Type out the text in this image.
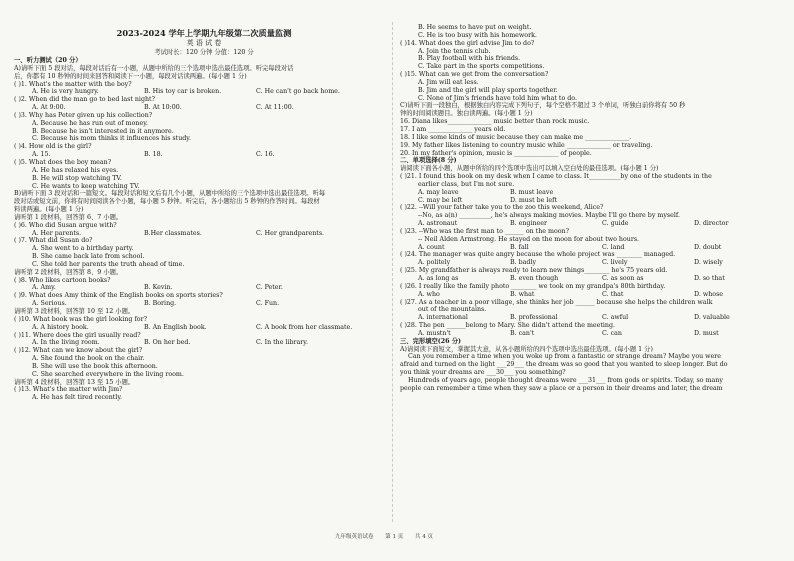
2023-2024 学年上学期九年级第二次质量监测
英 语 试 卷
考试时长：120 分钟 分值：120 分
一、听力测试（20 分）
A)请听下面 5 段对话，每段对话后有一小题，从题中所给的三个选项中选出最佳选项。听完每段对话
后，你都有 10 秒钟的时间来回答和阅读下一小题，每段对话读两遍。(每小题 1 分)
( )1. What's the matter with the boy?
A. He is very hungry.	B. His toy car is broken.	C. He can't go back home.
( )2. When did the man go to bed last night?
A. At 9:00.	B. At 10:00.	C. At 11:00.
( )3. Why has Peter given up his collection?
A. Because he has run out of money.
B. Because he isn't interested in it anymore.
C. Because his mom thinks it influences his study.
( )4. How old is the girl?
A. 15.	B. 18.	C. 16.
( )5. What does the boy mean?
A. He has relaxed his eyes.
B. He will stop watching TV.
C. He wants to keep watching TV.
B)请听下面 3 段对话和一篇短文。每段对话和短文后有几个小题，从题中所给的三个选项中选出最佳选项。听每
段对话或短文前，你将有时间阅读各个小题，每小题 5 秒钟。听完后，各小题给出 5 秒钟的作答时间。每段材
料读两遍。(每小题 1 分)
请听第 1 段材料，回答第 6、7 小题。
( )6. Who did Susan argue with?
A. Her parents.	B.Her classmates.	C. Her grandparents.
( )7. What did Susan do?
A. She went to a birthday party.
B. She came back late from school.
C. She told her parents the truth ahead of time.
请听第 2 段材料，回答第 8、9 小题。
( )8. Who likes cartoon books?
A. Amy.	B. Kevin.	C. Peter.
( )9. What does Amy think of the English books on sports stories?
A. Serious.	B. Boring.	C. Fun.
请听第 3 段材料，回答第 10 至 12 小题。
( )10. What book was the girl looking for?
A. A history book.	B. An English book.	C. A book from her classmate.
( )11. Where does the girl usually read?
A. In the living room.	B. On her bed.	C. In the library.
( )12. What can we know about the girl?
A. She found the book on the chair.
B. She will use the book this afternoon.
C. She searched everywhere in the living room.
请听第 4 段材料，回答第 13 至 15 小题。
( )13. What's the matter with Jim?
A. He has felt tired recently.
B. He seems to have put on weight.
C. He is too busy with his homework.
( )14. What does the girl advise Jim to do?
A. Join the tennis club.
B. Play football with his friends.
C. Take part in the sports competitions.
( )15. What can we get from the conversation?
A. Jim will eat less.
B. Jim and the girl will play sports together.
C. None of Jim's friends have told him what to do.
C)请听下面一段独白，根据独白内容完成下列句子，每个空格不超过 3 个单词，听独白前你将有 50 秒
钟的时间阅读题目。独白读两遍。(每小题 1 分)
16. Diana likes______________ music better than rock music.
17. I am ______________ years old.
18. I like some kinds of music because they can make me ______________.
19. My father likes listening to country music while ______________ or traveling.
20. In my father's opinion, music is ______________ of people.
二、单项选择(8 分)
请阅读下面各小题，从题中所给的四个选项中选出可以填入空白处的最佳选项。(每小题 1 分)
( )21. I found this book on my desk when I came to class. It__________by one of the students in the
earlier class, but I'm not sure.
A. may leave	B. must leave
C. may be left	D. must be left
( )22. --Will your father take you to the zoo this weekend, Alice?
--No, as a(n) __________, he's always making movies. Maybe I'll go there by myself.
A. astronaut	B. engineer	C. guide	D. director
( )23. --Who was the first man to ______ on the moon?
-- Neil Alden Armstrong. He stayed on the moon for about two hours.
A. count	B. fall	C. land	D. doubt
( )24. The manager was quite angry because the whole project was ________ managed.
A. politely	B. badly	C. lively	D. wisely
( )25. My grandfather is always ready to learn new things________ he's 75 years old.
A. as long as	B. even though	C. as soon as	D. so that
( )26. I really like the family photo ________ we took on my grandpa's 80th birthday.
A. who	B. what	C. that	D. whose
( )27. As a teacher in a poor village, she thinks her job ______ because she helps the children walk
out of the mountains.
A. international	B. professional	C. awful	D. valuable
( )28. The pen ______belong to Mary. She didn't attend the meeting.
A. mustn't	B. can't	C. can	D. must
三、完形填空(26 分)
A)请阅读下面短文，掌握其大意，从各小题所给的四个选项中选出最佳选项。(每小题 1 分)
Can you remember a time when you woke up from a fantastic or strange dream? Maybe you were
afraid and turned on the light ___29___ the dream was so good that you wanted to sleep longer. But do
you think your dreams are ___30___ you something?
Hundreds of years ago, people thought dreams were ___31___ from gods or spirits. Today, so many
people can remember a time when they saw a place or a person in their dreams and later, the dream
九年级英语试卷 第 1 页 共 4 页
